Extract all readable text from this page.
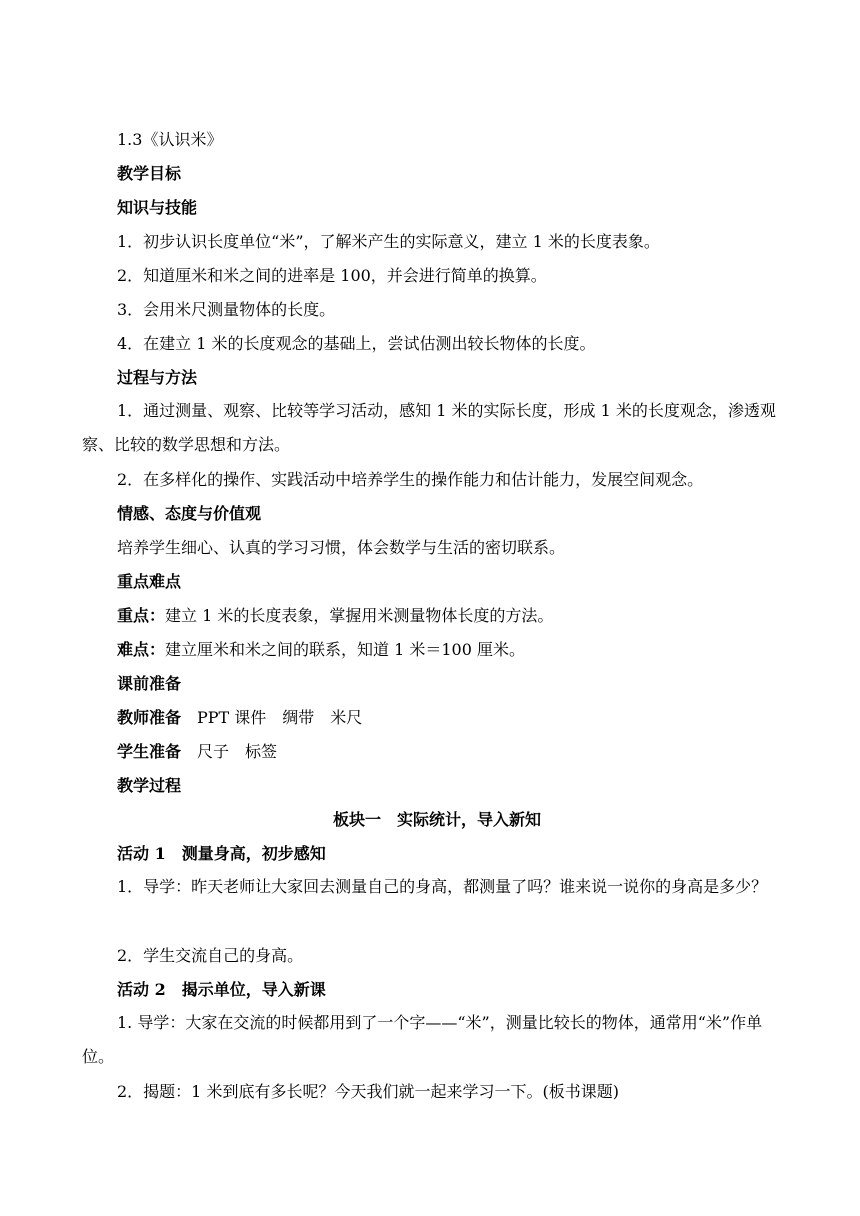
1.3《认识米》
教学目标
知识与技能
1．初步认识长度单位“米”，了解米产生的实际意义，建立 1 米的长度表象。
2．知道厘米和米之间的进率是 100，并会进行简单的换算。
3．会用米尺测量物体的长度。
4．在建立 1 米的长度观念的基础上，尝试估测出较长物体的长度。
过程与方法
1．通过测量、观察、比较等学习活动，感知 1 米的实际长度，形成 1 米的长度观念，渗透观察、比较的数学思想和方法。
2．在多样化的操作、实践活动中培养学生的操作能力和估计能力，发展空间观念。
情感、态度与价值观
培养学生细心、认真的学习习惯，体会数学与生活的密切联系。
重点难点
重点：建立 1 米的长度表象，掌握用米测量物体长度的方法。
难点：建立厘米和米之间的联系，知道 1 米＝100 厘米。
课前准备
教师准备　PPT 课件　绸带　米尺
学生准备　尺子　标签
教学过程
板块一　实际统计，导入新知
活动 1　测量身高，初步感知
1．导学：昨天老师让大家回去测量自己的身高，都测量了吗？谁来说一说你的身高是多少？
2．学生交流自己的身高。
活动 2　揭示单位，导入新课
1. 导学：大家在交流的时候都用到了一个字——“米”，测量比较长的物体，通常用“米”作单位。
2．揭题：1 米到底有多长呢？今天我们就一起来学习一下。(板书课题)
